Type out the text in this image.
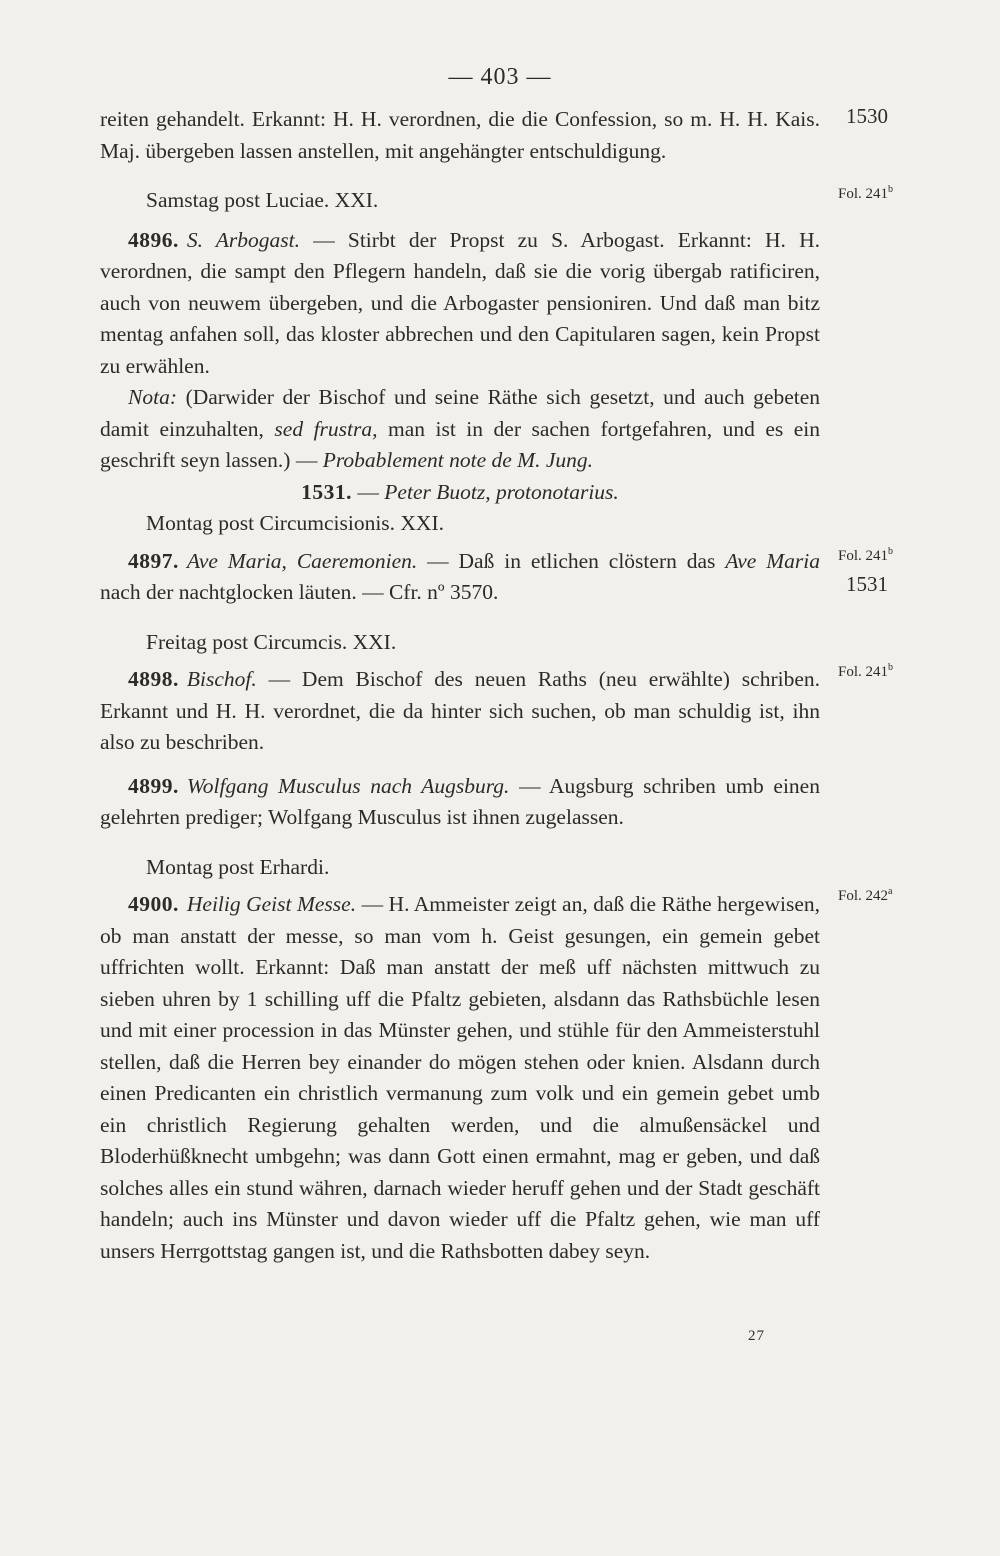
— 403 —

reiten gehandelt. Erkannt: H. H. verordnen, die die Confession, so m. H. H. Kais. Maj. übergeben lassen anstellen, mit angehängter entschuldigung.

Samstag post Luciae. XXI.

4896. S. Arbogast. — Stirbt der Propst zu S. Arbogast. Erkannt: H. H. verordnen, die sampt den Pflegern handeln, daß sie die vorig übergab ratificiren, auch von neuwem übergeben, und die Arbogaster pensioniren. Und daß man bitz mentag anfahen soll, das kloster abbrechen und den Capitularen sagen, kein Propst zu erwählen.

Nota: (Darwider der Bischof und seine Räthe sich gesetzt, und auch gebeten damit einzuhalten, sed frustra, man ist in der sachen fortgefahren, und es ein geschrift seyn lassen.) — Probablement note de M. Jung.

1531. — Peter Buotz, protonotarius.

Montag post Circumcisionis. XXI.

4897. Ave Maria, Caeremonien. — Daß in etlichen clöstern das Ave Maria nach der nachtglocken läuten. — Cfr. nº 3570.

Freitag post Circumcis. XXI.

4898. Bischof. — Dem Bischof des neuen Raths (neu erwählte) schriben. Erkannt und H. H. verordnet, die da hinter sich suchen, ob man schuldig ist, ihn also zu beschriben.

4899. Wolfgang Musculus nach Augsburg. — Augsburg schriben umb einen gelehrten prediger; Wolfgang Musculus ist ihnen zugelassen.

Montag post Erhardi.

4900. Heilig Geist Messe. — H. Ammeister zeigt an, daß die Räthe hergewisen, ob man anstatt der messe, so man vom h. Geist gesungen, ein gemein gebet uffrichten wollt. Erkannt: Daß man anstatt der meß uff nächsten mittwuch zu sieben uhren by 1 schilling uff die Pfaltz gebieten, alsdann das Rathsbüchle lesen und mit einer procession in das Münster gehen, und stühle für den Ammeisterstuhl stellen, daß die Herren bey einander do mögen stehen oder knien. Alsdann durch einen Predicanten ein christlich vermanung zum volk und ein gemein gebet umb ein christlich Regierung gehalten werden, und die almußensäckel und Bloderhüßknecht umbgehn; was dann Gott einen ermahnt, mag er geben, und daß solches alles ein stund währen, darnach wieder heruff gehen und der Stadt geschäft handeln; auch ins Münster und davon wieder uff die Pfaltz gehen, wie man uff unsers Herrgottstag gangen ist, und die Rathsbotten dabey seyn.

1530
Fol. 241$^b$
Fol. 241$^b$
1531
Fol. 241$^b$
Fol. 242$^a$
27
